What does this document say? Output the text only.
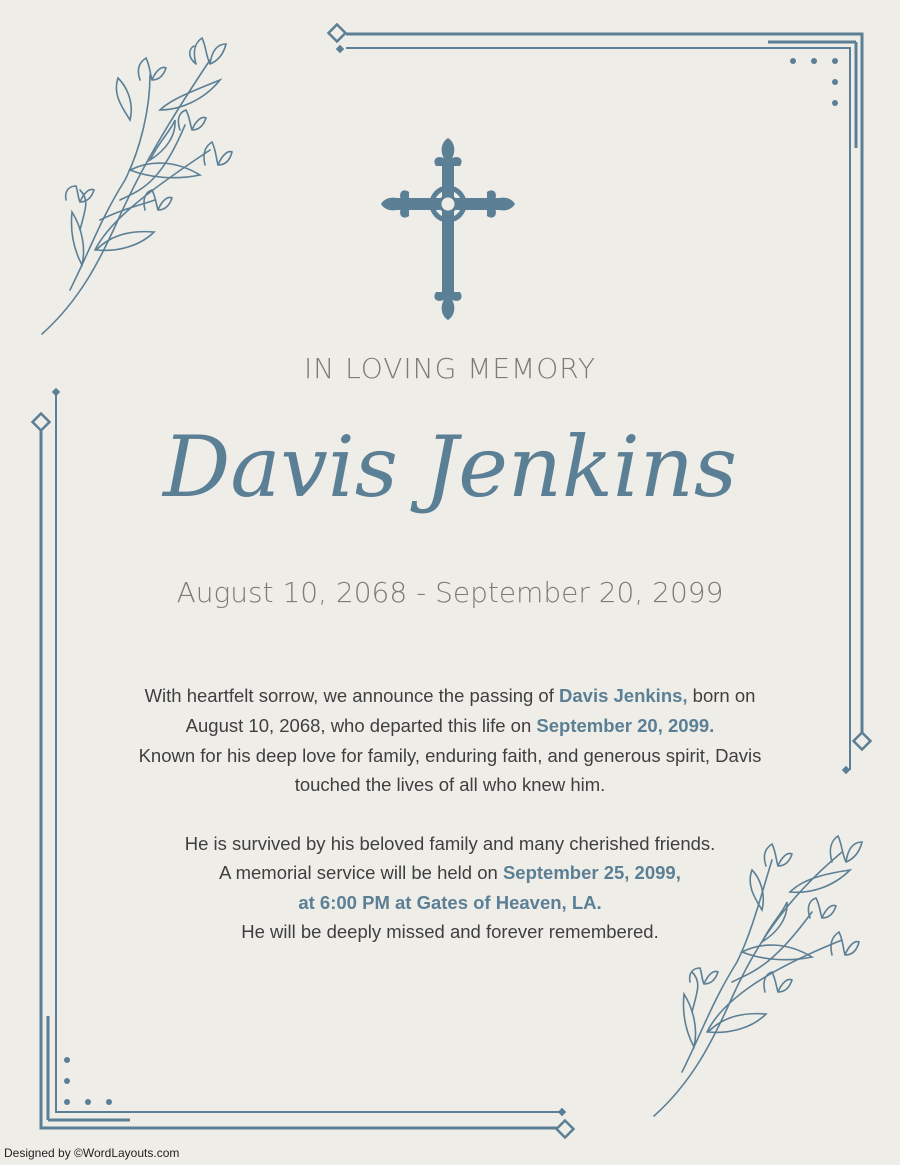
IN LOVING MEMORY
Davis Jenkins
August 10, 2068 - September 20, 2099
With heartfelt sorrow, we announce the passing of Davis Jenkins, born on
August 10, 2068, who departed this life on September 20, 2099.
Known for his deep love for family, enduring faith, and generous spirit, Davis
touched the lives of all who knew him.
He is survived by his beloved family and many cherished friends.
A memorial service will be held on September 25, 2099,
at 6:00 PM at Gates of Heaven, LA.
He will be deeply missed and forever remembered.
Designed by ©WordLayouts.com
